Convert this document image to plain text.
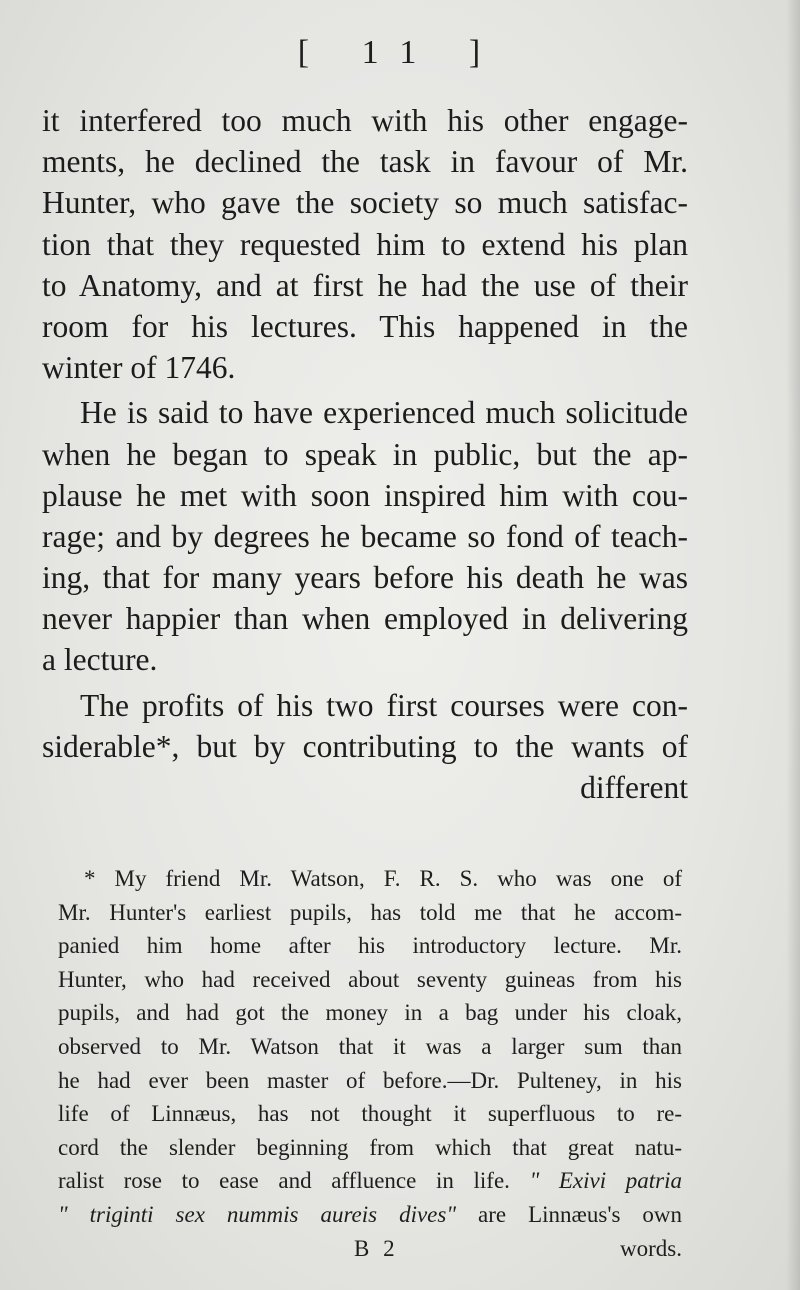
[ 11 ]
it interfered too much with his other engage-
ments, he declined the task in favour of Mr.
Hunter, who gave the society so much satisfac-
tion that they requested him to extend his plan
to Anatomy, and at first he had the use of their
room for his lectures. This happened in the
winter of 1746.
He is said to have experienced much solicitude
when he began to speak in public, but the ap-
plause he met with soon inspired him with cou-
rage; and by degrees he became so fond of teach-
ing, that for many years before his death he was
never happier than when employed in delivering
a lecture.
The profits of his two first courses were con-
siderable*, but by contributing to the wants of
different
* My friend Mr. Watson, F. R. S. who was one of
Mr. Hunter's earliest pupils, has told me that he accom-
panied him home after his introductory lecture. Mr.
Hunter, who had received about seventy guineas from his
pupils, and had got the money in a bag under his cloak,
observed to Mr. Watson that it was a larger sum than
he had ever been master of before.—Dr. Pulteney, in his
life of Linnæus, has not thought it superfluous to re-
cord the slender beginning from which that great natu-
ralist rose to ease and affluence in life. " Exivi patria
" triginti sex nummis aureis dives" are Linnæus's own
B 2	words.
